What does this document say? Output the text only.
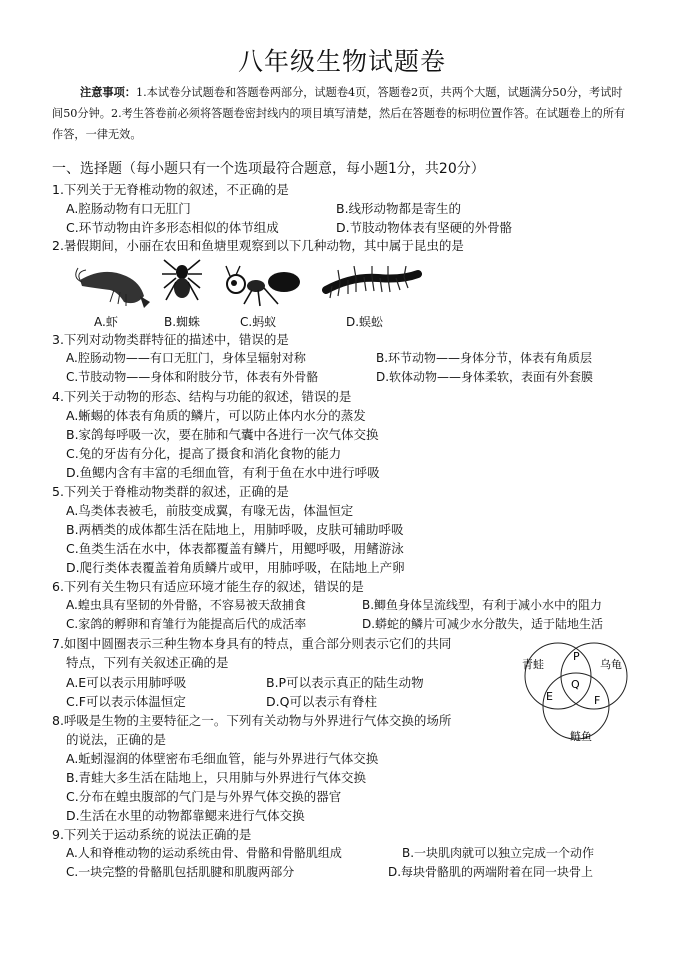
八年级生物试题卷
注意事项：1.本试卷分试题卷和答题卷两部分，试题卷4页，答题卷2页，共两个大题，试题满分50分，考试时间50分钟。2.考生答卷前必须将答题卷密封线内的项目填写清楚，然后在答题卷的标明位置作答。在试题卷上的所有作答，一律无效。
一、选择题（每小题只有一个选项最符合题意，每小题1分，共20分）
1.下列关于无脊椎动物的叙述，不正确的是
A.腔肠动物有口无肛门	B.线形动物都是寄生的
C.环节动物由许多形态相似的体节组成	D.节肢动物体表有坚硬的外骨骼
2.暑假期间，小丽在农田和鱼塘里观察到以下几种动物，其中属于昆虫的是
A.虾	B.蜘蛛	C.蚂蚁	D.蜈蚣
3.下列对动物类群特征的描述中，错误的是
A.腔肠动物——有口无肛门，身体呈辐射对称	B.环节动物——身体分节，体表有角质层
C.节肢动物——身体和附肢分节，体表有外骨骼	D.软体动物——身体柔软，表面有外套膜
4.下列关于动物的形态、结构与功能的叙述，错误的是
A.蜥蜴的体表有角质的鳞片，可以防止体内水分的蒸发
B.家鸽每呼吸一次，要在肺和气囊中各进行一次气体交换
C.兔的牙齿有分化，提高了摄食和消化食物的能力
D.鱼鳃内含有丰富的毛细血管，有利于鱼在水中进行呼吸
5.下列关于脊椎动物类群的叙述，正确的是
A.鸟类体表被毛，前肢变成翼，有喙无齿，体温恒定
B.两栖类的成体都生活在陆地上，用肺呼吸，皮肤可辅助呼吸
C.鱼类生活在水中，体表都覆盖有鳞片，用鳃呼吸，用鳍游泳
D.爬行类体表覆盖着角质鳞片或甲，用肺呼吸，在陆地上产卵
6.下列有关生物只有适应环境才能生存的叙述，错误的是
A.蝗虫具有坚韧的外骨骼，不容易被天敌捕食	B.鲫鱼身体呈流线型，有利于减小水中的阻力
C.家鸽的孵卵和育雏行为能提高后代的成活率	D.蟒蛇的鳞片可减少水分散失，适于陆地生活
7.如图中圆圈表示三种生物本身具有的特点，重合部分则表示它们的共同
特点，下列有关叙述正确的是
A.E可以表示用肺呼吸	B.P可以表示真正的陆生动物
C.F可以表示体温恒定	D.Q可以表示有脊柱
青蛙	乌龟
鲢鱼
P
Q
E	F
8.呼吸是生物的主要特征之一。下列有关动物与外界进行气体交换的场所
的说法，正确的是
A.蚯蚓湿润的体壁密布毛细血管，能与外界进行气体交换
B.青蛙大多生活在陆地上，只用肺与外界进行气体交换
C.分布在蝗虫腹部的气门是与外界气体交换的器官
D.生活在水里的动物都靠鳃来进行气体交换
9.下列关于运动系统的说法正确的是
A.人和脊椎动物的运动系统由骨、骨骼和骨骼肌组成	B.一块肌肉就可以独立完成一个动作
C.一块完整的骨骼肌包括肌腱和肌腹两部分	D.每块骨骼肌的两端附着在同一块骨上
